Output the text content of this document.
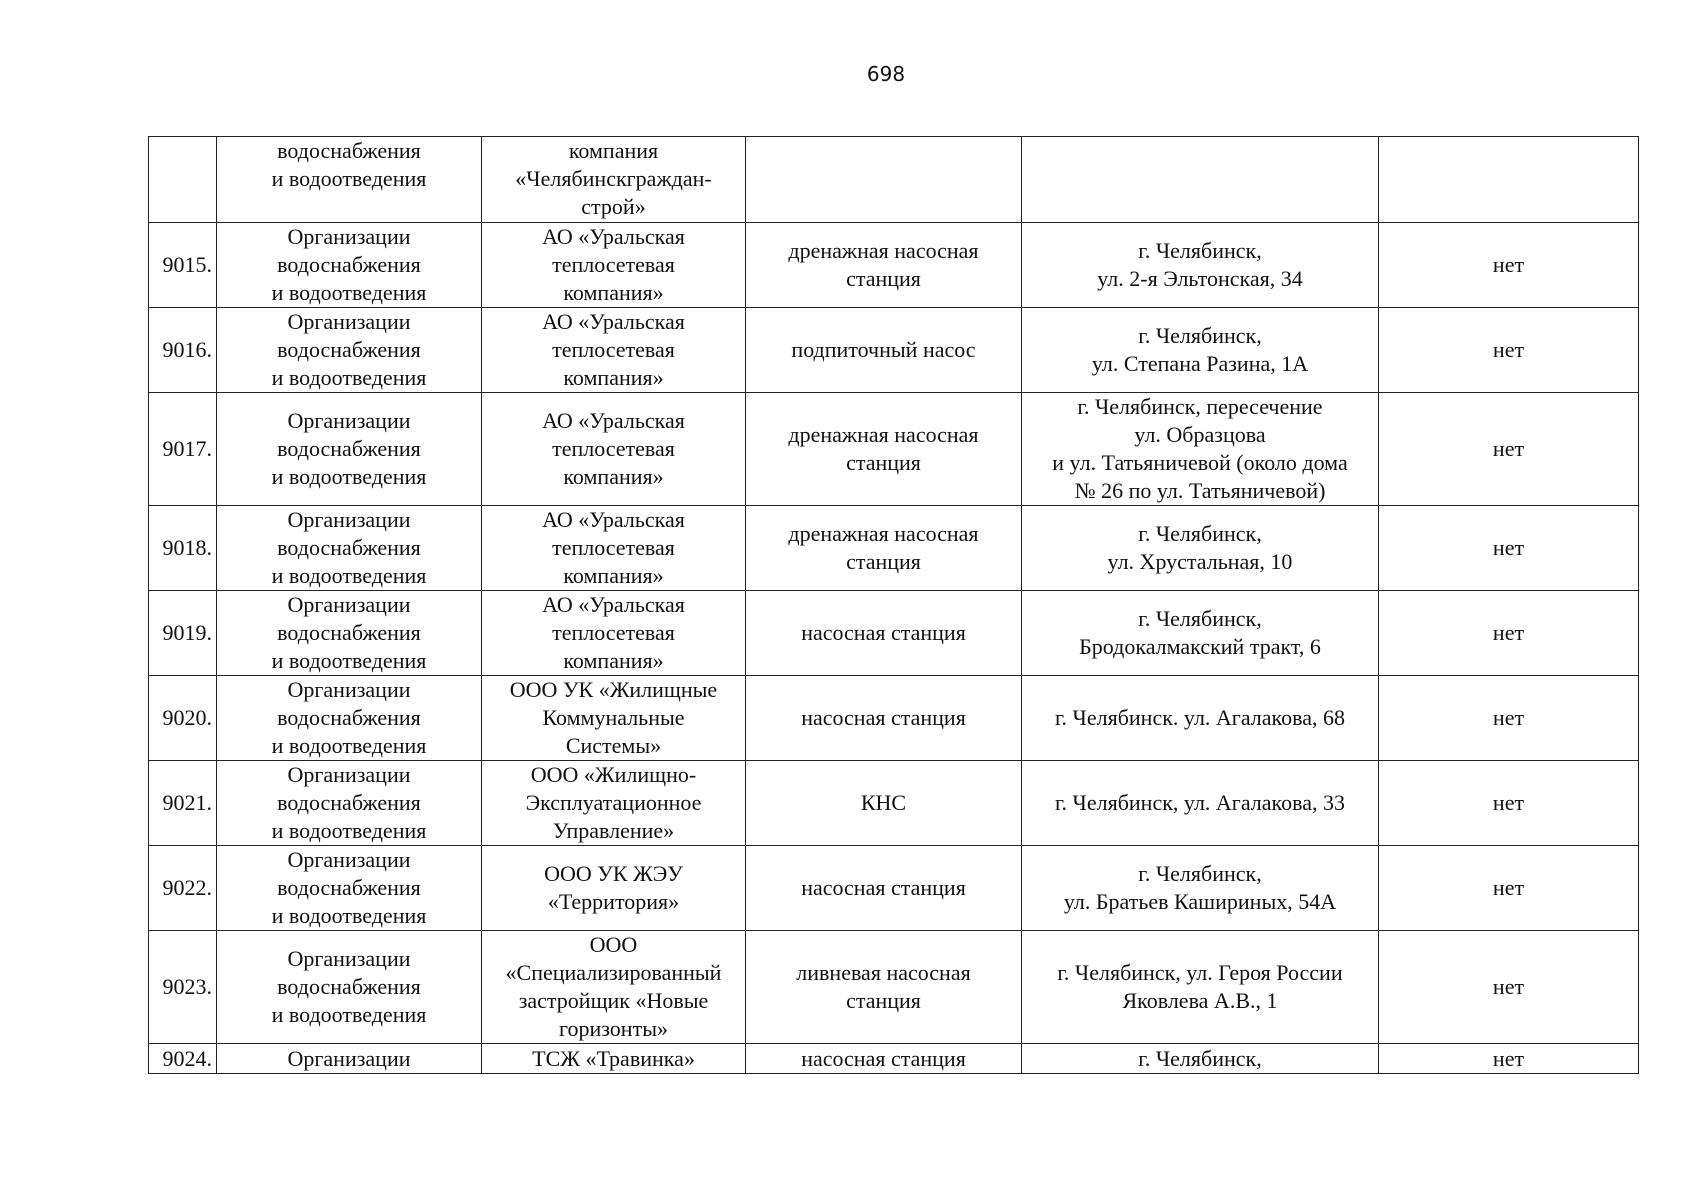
698
	водоснабжения
и водоотведения	компания
«Челябинскграждан-
строй»			
9015.	Организации
водоснабжения
и водоотведения	АО «Уральская
теплосетевая
компания»	дренажная насосная
станция	г. Челябинск,
ул. 2-я Эльтонская, 34	нет
9016.	Организации
водоснабжения
и водоотведения	АО «Уральская
теплосетевая
компания»	подпиточный насос	г. Челябинск,
ул. Степана Разина, 1А	нет
9017.	Организации
водоснабжения
и водоотведения	АО «Уральская
теплосетевая
компания»	дренажная насосная
станция	г. Челябинск, пересечение
ул. Образцова
и ул. Татьяничевой (около дома
№ 26 по ул. Татьяничевой)	нет
9018.	Организации
водоснабжения
и водоотведения	АО «Уральская
теплосетевая
компания»	дренажная насосная
станция	г. Челябинск,
ул. Хрустальная, 10	нет
9019.	Организации
водоснабжения
и водоотведения	АО «Уральская
теплосетевая
компания»	насосная станция	г. Челябинск,
Бродокалмакский тракт, 6	нет
9020.	Организации
водоснабжения
и водоотведения	ООО УК «Жилищные
Коммунальные
Системы»	насосная станция	г. Челябинск. ул. Агалакова, 68	нет
9021.	Организации
водоснабжения
и водоотведения	ООО «Жилищно-
Эксплуатационное
Управление»	КНС	г. Челябинск, ул. Агалакова, 33	нет
9022.	Организации
водоснабжения
и водоотведения	ООО УК ЖЭУ
«Территория»	насосная станция	г. Челябинск,
ул. Братьев Кашириных, 54А	нет
9023.	Организации
водоснабжения
и водоотведения	ООО
«Специализированный
застройщик «Новые
горизонты»	ливневая насосная
станция	г. Челябинск, ул. Героя России
Яковлева А.В., 1	нет
9024.	Организации	ТСЖ «Травинка»	насосная станция	г. Челябинск,	нет
